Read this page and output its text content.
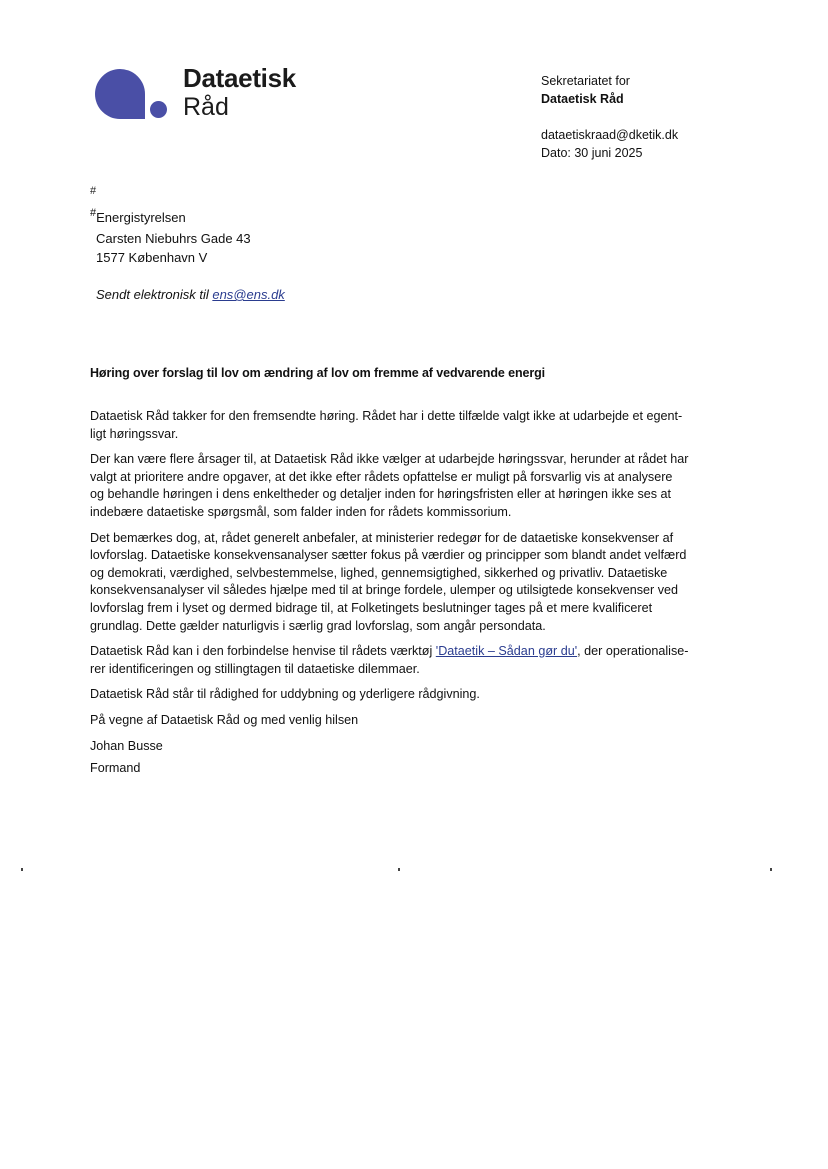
Dataetisk
Råd
Sekretariatet for
Dataetisk Råd
dataetiskraad@dketik.dk
Dato: 30 juni 2025
#
#Energistyrelsen
Carsten Niebuhrs Gade 43
1577 København V
Sendt elektronisk til ens@ens.dk
Høring over forslag til lov om ændring af lov om fremme af vedvarende energi

Dataetisk Råd takker for den fremsendte høring. Rådet har i dette tilfælde valgt ikke at udarbejde et egent-
ligt høringssvar.

Der kan være flere årsager til, at Dataetisk Råd ikke vælger at udarbejde høringssvar, herunder at rådet har
valgt at prioritere andre opgaver, at det ikke efter rådets opfattelse er muligt på forsvarlig vis at analysere
og behandle høringen i dens enkeltheder og detaljer inden for høringsfristen eller at høringen ikke ses at
indebære dataetiske spørgsmål, som falder inden for rådets kommissorium.

Det bemærkes dog, at, rådet generelt anbefaler, at ministerier redegør for de dataetiske konsekvenser af
lovforslag. Dataetiske konsekvensanalyser sætter fokus på værdier og principper som blandt andet velfærd
og demokrati, værdighed, selvbestemmelse, lighed, gennemsigtighed, sikkerhed og privatliv. Dataetiske
konsekvensanalyser vil således hjælpe med til at bringe fordele, ulemper og utilsigtede konsekvenser ved
lovforslag frem i lyset og dermed bidrage til, at Folketingets beslutninger tages på et mere kvalificeret
grundlag. Dette gælder naturligvis i særlig grad lovforslag, som angår persondata.

Dataetisk Råd kan i den forbindelse henvise til rådets værktøj 'Dataetik – Sådan gør du', der operationalise-
rer identificeringen og stillingtagen til dataetiske dilemmaer.

Dataetisk Råd står til rådighed for uddybning og yderligere rådgivning.

På vegne af Dataetisk Råd og med venlig hilsen

Johan Busse
Formand
